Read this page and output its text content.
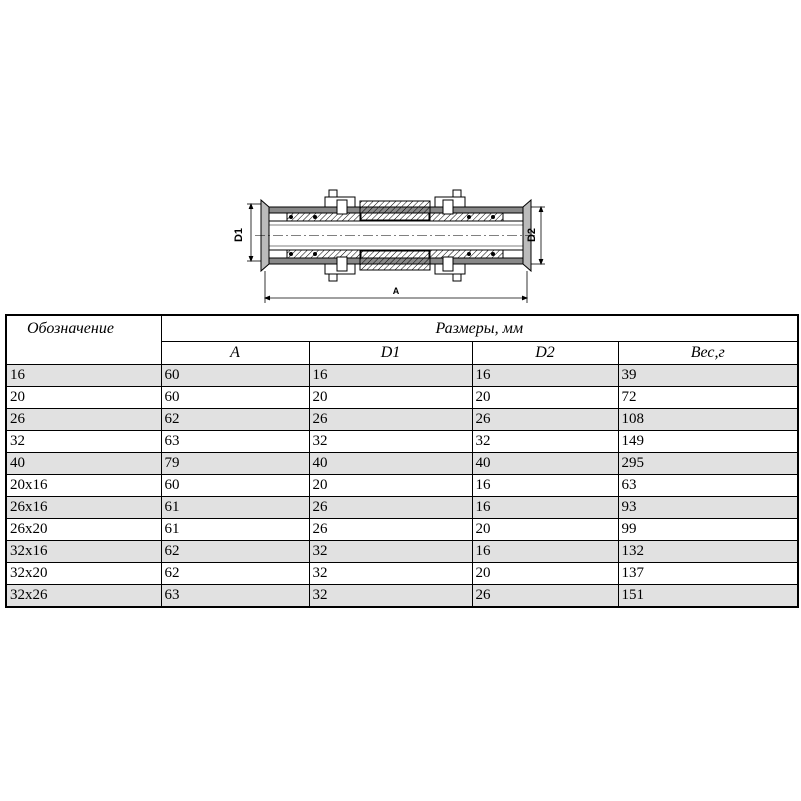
D1	D2
A
Обозначение	Размеры, мм			
	A	D1	D2	Вес,г
16	60	16	16	39
20	60	20	20	72
26	62	26	26	108
32	63	32	32	149
40	79	40	40	295
20x16	60	20	16	63
26x16	61	26	16	93
26x20	61	26	20	99
32x16	62	32	16	132
32x20	62	32	20	137
32x26	63	32	26	151
